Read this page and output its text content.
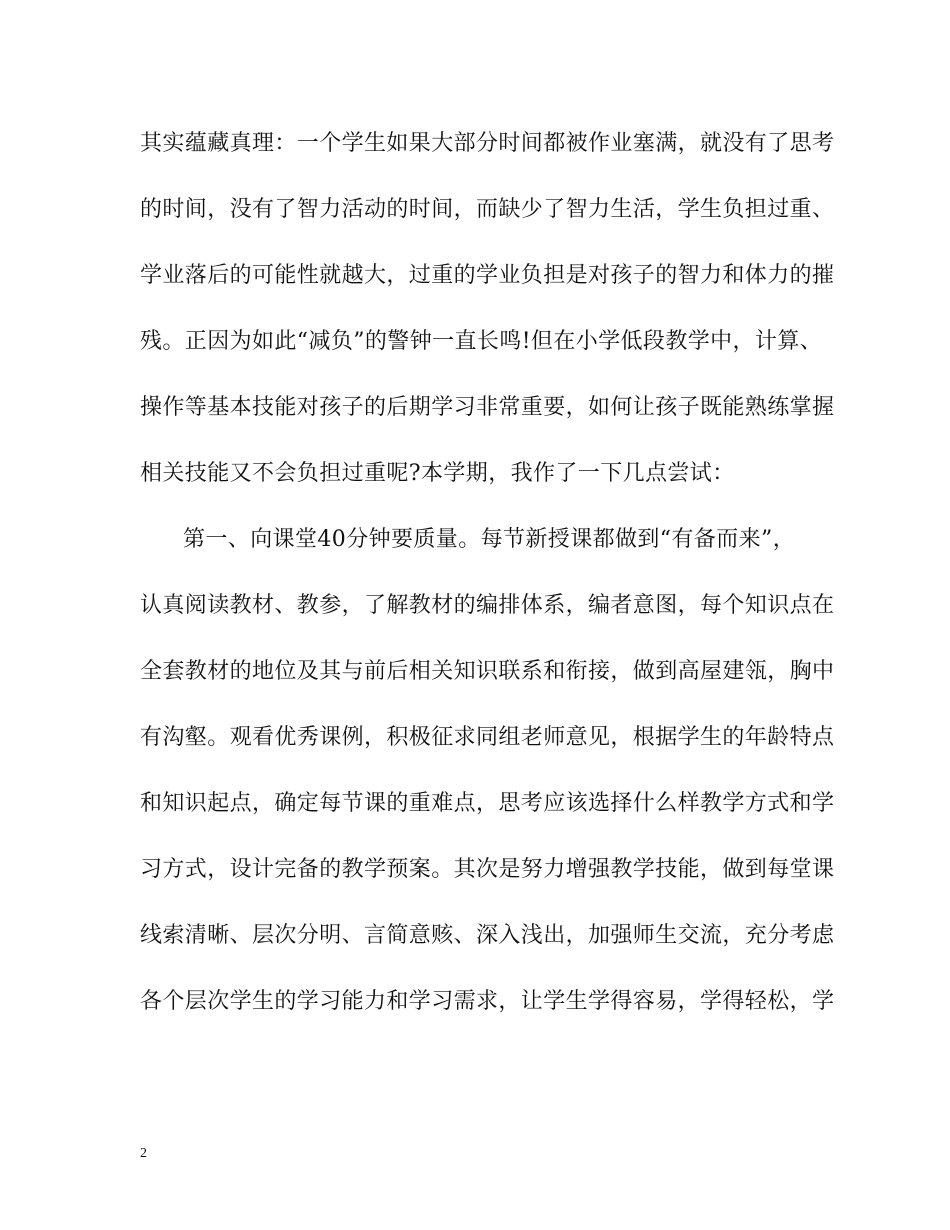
其实蕴藏真理：一个学生如果大部分时间都被作业塞满，就没有了思考
的时间，没有了智力活动的时间，而缺少了智力生活，学生负担过重、
学业落后的可能性就越大，过重的学业负担是对孩子的智力和体力的摧
残。正因为如此“减负”的警钟一直长鸣!但在小学低段教学中，计算、
操作等基本技能对孩子的后期学习非常重要，如何让孩子既能熟练掌握
相关技能又不会负担过重呢?本学期，我作了一下几点尝试：
第一、向课堂40分钟要质量。每节新授课都做到“有备而来”，
认真阅读教材、教参，了解教材的编排体系，编者意图，每个知识点在
全套教材的地位及其与前后相关知识联系和衔接，做到高屋建瓴，胸中
有沟壑。观看优秀课例，积极征求同组老师意见，根据学生的年龄特点
和知识起点，确定每节课的重难点，思考应该选择什么样教学方式和学
习方式，设计完备的教学预案。其次是努力增强教学技能，做到每堂课
线索清晰、层次分明、言简意赅、深入浅出，加强师生交流，充分考虑
各个层次学生的学习能力和学习需求，让学生学得容易，学得轻松，学
2
